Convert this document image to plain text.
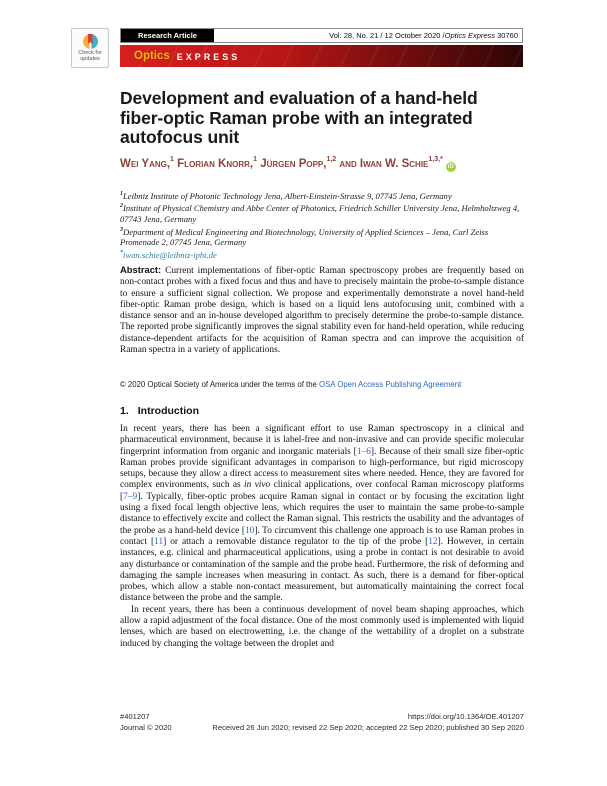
Check for
updates
Research Article	Vol. 28, No. 21 / 12 October 2020 / Optics Express
30760
Optics EXPRESS
Development and evaluation of a hand-held fiber-optic Raman probe with an integrated autofocus unit
Wei Yang,$^1$ Florian Knorr,$^1$ Jürgen Popp,$^{1,2}$ and Iwan W. Schie$^{1,3,*}$iD
$^1$Leibniz Institute of Photonic Technology Jena, Albert-Einstein-Strasse 9, 07745 Jena, Germany
$^2$Institute of Physical Chemistry and Abbe Center of Photonics, Friedrich Schiller University Jena, Helmholtzweg 4, 07743 Jena, Germany
$^3$Department of Medical Engineering and Biotechnology, University of Applied Sciences – Jena, Carl Zeiss Promenade 2, 07745 Jena, Germany
*iwan.schie@leibniz-ipht.de
Abstract: Current implementations of fiber-optic Raman spectroscopy probes are frequently based on non-contact probes with a fixed focus and thus and have to precisely maintain the probe-to-sample distance to ensure a sufficient signal collection. We propose and experimentally demonstrate a novel hand-held fiber-optic Raman probe design, which is based on a liquid lens autofocusing unit, combined with a distance sensor and an in-house developed algorithm to precisely determine the probe-to-sample distance. The reported probe significantly improves the signal stability even for hand-held operation, while reducing distance-dependent artifacts for the acquisition of Raman spectra and can improve the acquisition of Raman spectra in a variety of applications.
© 2020 Optical Society of America under the terms of the OSA Open Access Publishing Agreement
1. Introduction

In recent years, there has been a significant effort to use Raman spectroscopy in a clinical and pharmaceutical environment, because it is label-free and non-invasive and can provide specific molecular fingerprint information from organic and inorganic materials [1–6]. Because of their small size fiber-optic Raman probes provide significant advantages in comparison to high-performance, but rigid microscopy setups, because they allow a direct access to measurement sites where needed. Hence, they are favored for complex environments, such as in vivo clinical applications, over confocal Raman microscopy platforms [7–9]. Typically, fiber-optic probes acquire Raman signal in contact or by focusing the excitation light using a fixed focal length objective lens, which requires the user to maintain the same probe-to-sample distance to effectively excite and collect the Raman signal. This restricts the usability and the advantages of the probe as a hand-held device [10]. To circumvent this challenge one approach is to use Raman probes in contact [11] or attach a removable distance regulator to the tip of the probe [12]. However, in certain instances, e.g. clinical and pharmaceutical applications, using a probe in contact is not desirable to avoid any disturbance or contamination of the sample and the probe head. Furthermore, the risk of deforming and damaging the sample increases when measuring in contact. As such, there is a demand for fiber-optical probes, which allow a stable non-contact measurement, but automatically maintaining the correct focal distance between the probe and the sample.

In recent years, there has been a continuous development of novel beam shaping approaches, which allow a rapid adjustment of the focal distance. One of the most commonly used is implemented with liquid lenses, which are based on electrowetting, i.e. the change of the wettability of a droplet on a substrate induced by changing the voltage between the droplet and

#401207	https://doi.org/10.1364/OE.401207
Journal © 2020	Received 26 Jun 2020; revised 22 Sep 2020; accepted 22 Sep 2020; published 30 Sep 2020
